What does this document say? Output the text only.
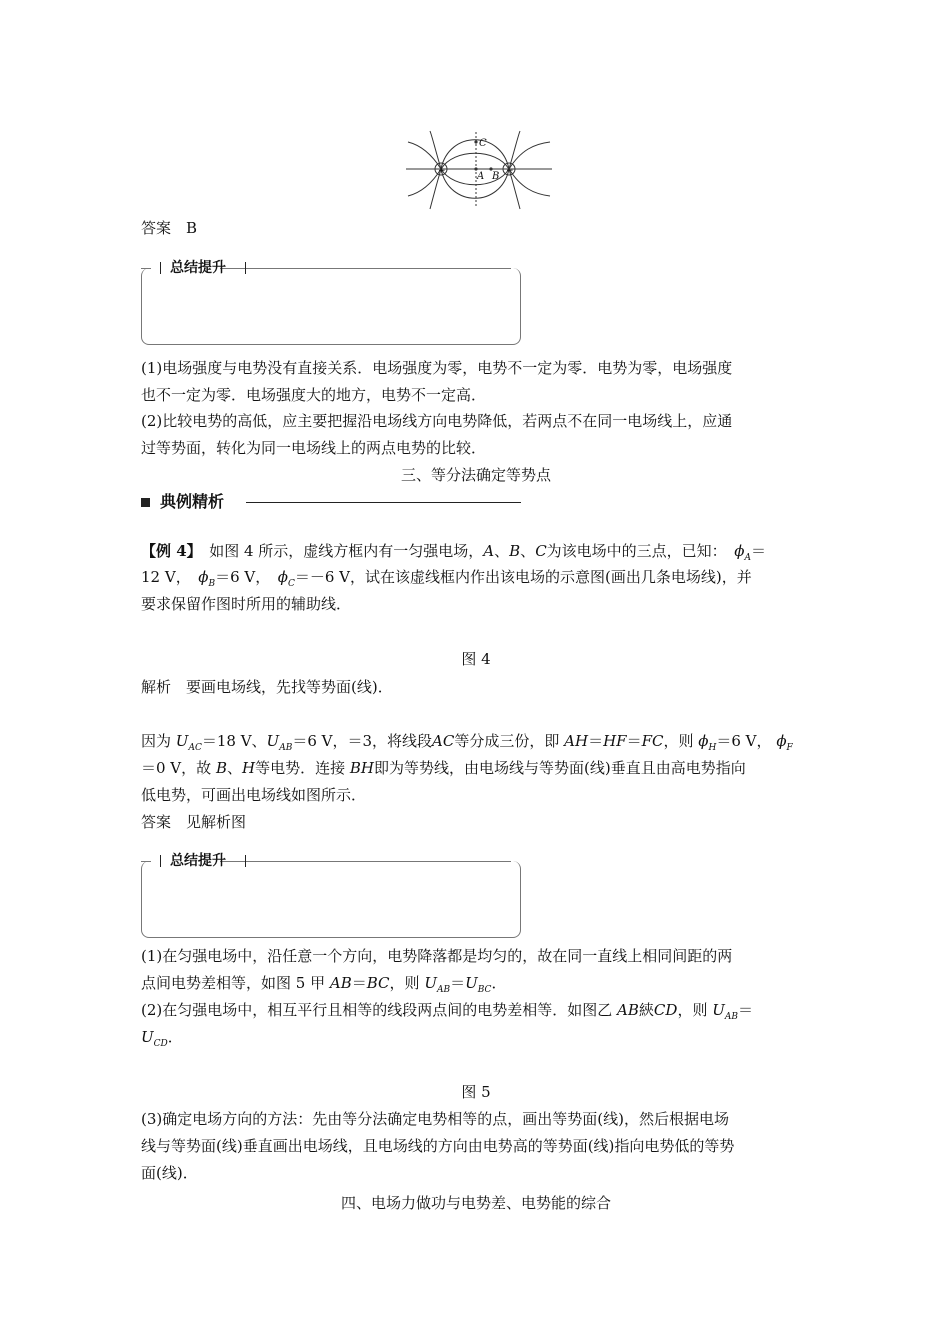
+	−
C
A B
答案　B
总结提升
(1)电场强度与电势没有直接关系．电场强度为零，电势不一定为零．电势为零，电场强度
也不一定为零．电场强度大的地方，电势不一定高．
(2)比较电势的高低，应主要把握沿电场线方向电势降低，若两点不在同一电场线上，应通
过等势面，转化为同一电场线上的两点电势的比较．
三、等分法确定等势点
典例精析
【例 4】　 如图 4 所示，虚线方框内有一匀强电场，A、B、C为该电场中的三点，已知：　 $\phi_A=$
12 V，　 $\phi_B=6$ V，　 $\phi_C=-6$ V，试在该虚线框内作出该电场的示意图(画出几条电场线)，并
要求保留作图时所用的辅助线．
图 4
解析　要画电场线，先找等势面(线)．
因为 $U_{AC}=18$ V、$U_{AB}=6$ V，＝3，将线段AC等分成三份，即 AH＝HF＝FC，则 $\phi_H=6$ V， $\phi_F$
＝0 V，故 B、H等电势．连接 BH即为等势线，由电场线与等势面(线)垂直且由高电势指向
低电势，可画出电场线如图所示．
答案　见解析图
总结提升
(1)在匀强电场中，沿任意一个方向，电势降落都是均匀的，故在同一直线上相同间距的两
点间电势差相等，如图 5 甲 AB＝BC，则 $U_{AB}=U_{BC}$．
(2)在匀强电场中，相互平行且相等的线段两点间的电势差相等．如图乙 AB綊CD，则 $U_{AB}=$
$U_{CD}$．
图 5
(3)确定电场方向的方法：先由等分法确定电势相等的点，画出等势面(线)，然后根据电场
线与等势面(线)垂直画出电场线，且电场线的方向由电势高的等势面(线)指向电势低的等势
面(线)．
四、电场力做功与电势差、电势能的综合
